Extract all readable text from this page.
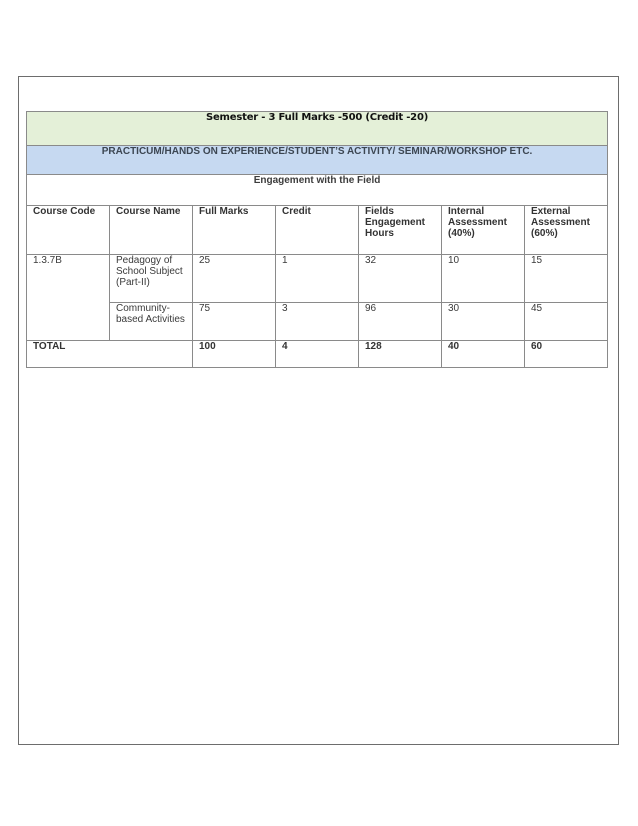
Semester - 3 Full Marks -500 (Credit -20)						
PRACTICUM/HANDS ON EXPERIENCE/STUDENT’S ACTIVITY/ SEMINAR/WORKSHOP ETC.						
Engagement with the Field						
Course Code	Course Name	Full Marks	Credit	Fields Engagement Hours	Internal Assessment (40%)	External Assessment (60%)
1.3.7B	Pedagogy of School Subject (Part-II)	25	1	32	10	15
	Community-based Activities	75	3	96	30	45
TOTAL		100	4	128	40	60
